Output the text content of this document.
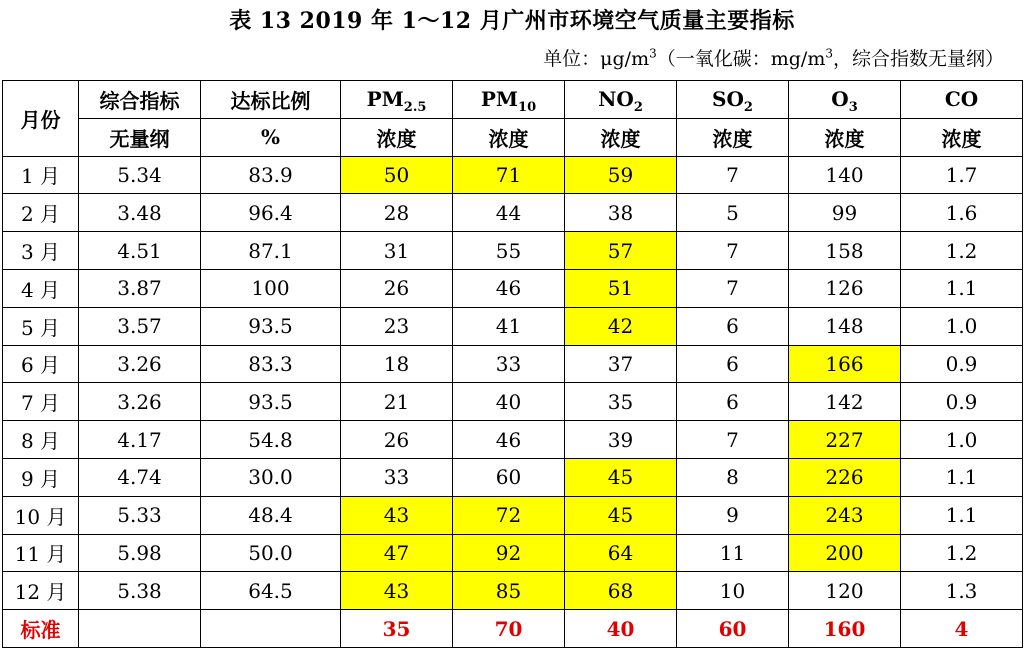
表 13 2019 年 1～12 月广州市环境空气质量主要指标
单位：$\mu g/m^3$（一氧化碳：$mg/m^3$，综合指数无量纲）
月份	综合指标	达标比例	$PM_{2.5}$	$PM_{10}$	$NO_2$	$SO_2$	$O_3$	CO
	无量纲	%	浓度	浓度	浓度	浓度	浓度	浓度
1 月	5.34	83.9	50	71	59	7	140	1.7
2 月	3.48	96.4	28	44	38	5	99	1.6
3 月	4.51	87.1	31	55	57	7	158	1.2
4 月	3.87	100	26	46	51	7	126	1.1
5 月	3.57	93.5	23	41	42	6	148	1.0
6 月	3.26	83.3	18	33	37	6	166	0.9
7 月	3.26	93.5	21	40	35	6	142	0.9
8 月	4.17	54.8	26	46	39	7	227	1.0
9 月	4.74	30.0	33	60	45	8	226	1.1
10 月	5.33	48.4	43	72	45	9	243	1.1
11 月	5.98	50.0	47	92	64	11	200	1.2
12 月	5.38	64.5	43	85	68	10	120	1.3
标准			35	70	40	60	160	4
